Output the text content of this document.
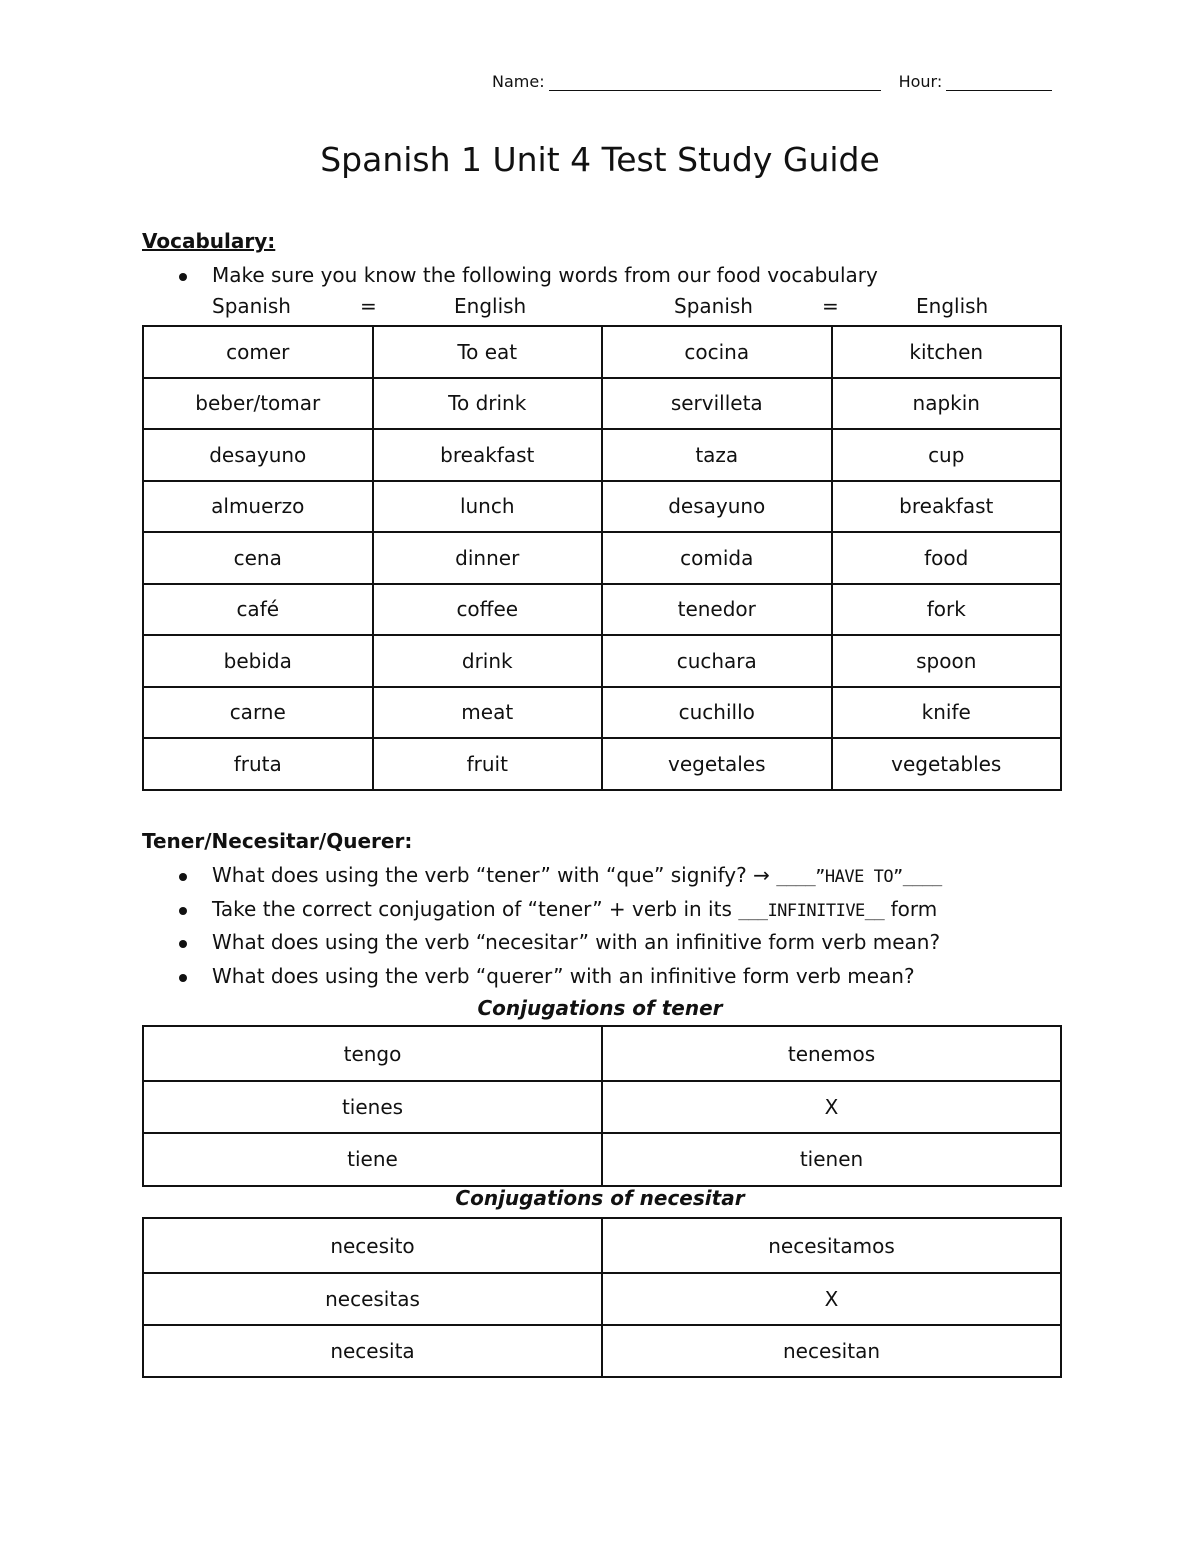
Name:	Hour:
Spanish 1 Unit 4 Test Study Guide
Vocabulary:
Make sure you know the following words from our food vocabulary
Spanish	=	English	Spanish	=	English
comer	To eat	cocina	kitchen
beber/tomar	To drink	servilleta	napkin
desayuno	breakfast	taza	cup
almuerzo	lunch	desayuno	breakfast
cena	dinner	comida	food
café	coffee	tenedor	fork
bebida	drink	cuchara	spoon
carne	meat	cuchillo	knife
fruta	fruit	vegetales	vegetables
Tener/Necesitar/Querer:
What does using the verb “tener” with “que” signify? → ____”HAVE TO”____
Take the correct conjugation of “tener” + verb in its ___INFINITIVE__ form
What does using the verb “necesitar” with an infinitive form verb mean?
What does using the verb “querer” with an infinitive form verb mean?

Conjugations of tener

tengo	tenemos
tienes	X
tiene	tienen

Conjugations of necesitar

necesito	necesitamos
necesitas	X
necesita	necesitan
